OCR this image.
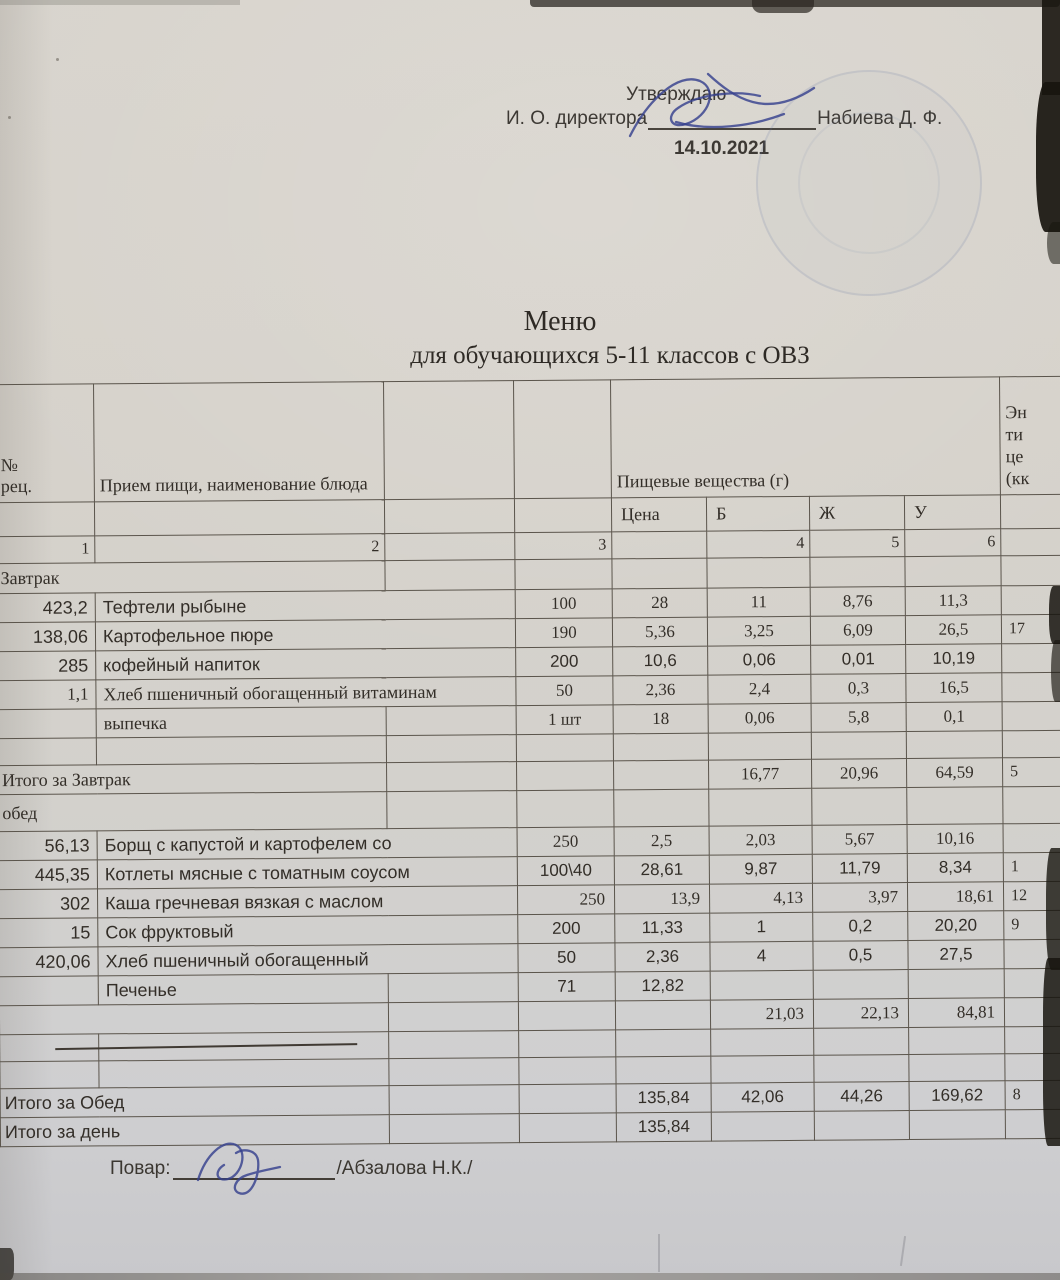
Утверждаю
И. О. директора	Набиева Д. Ф.
14.10.2021
Меню
для обучающихся 5-11 классов с ОВЗ
№
рец.	Прием пищи, наименование блюда			Пищевые вещества (г)	
Эн
ти
це
(кк

				Цена	Б	Ж	У	
1	2		3		4	5	6	
Завтрак								
423,2	Тефтели рыбыне		100	28	11	8,76	11,3	
138,06	Картофельное пюре		190	5,36	3,25	6,09	26,5	17
285	кофейный напиток		200	10,6	0,06	0,01	10,19	
1,1	Хлеб пшеничный обогащенный витаминам		50	2,36	2,4	0,3	16,5	
	выпечка		1 шт	18	0,06	5,8	0,1	

Итого за Завтрак					16,77	20,96	64,59	5
обед								
56,13	Борщ с капустой и картофелем со		250	2,5	2,03	5,67	10,16	
445,35	Котлеты мясные с томатным соусом		100\40	28,61	9,87	11,79	8,34	1
302	Каша гречневая вязкая с маслом		250	13,9	4,13	3,97	18,61	12
15	Сок фруктовый		200	11,33	1	0,2	20,20	9
420,06	Хлеб пшеничный обогащенный		50	2,36	4	0,5	27,5	
	Печенье		71	12,82				
					21,03	22,13	84,81	

Итого за Обед				135,84	42,06	44,26	169,62	8
Итого за день				135,84				
Повар:	/Абзалова Н.К./
